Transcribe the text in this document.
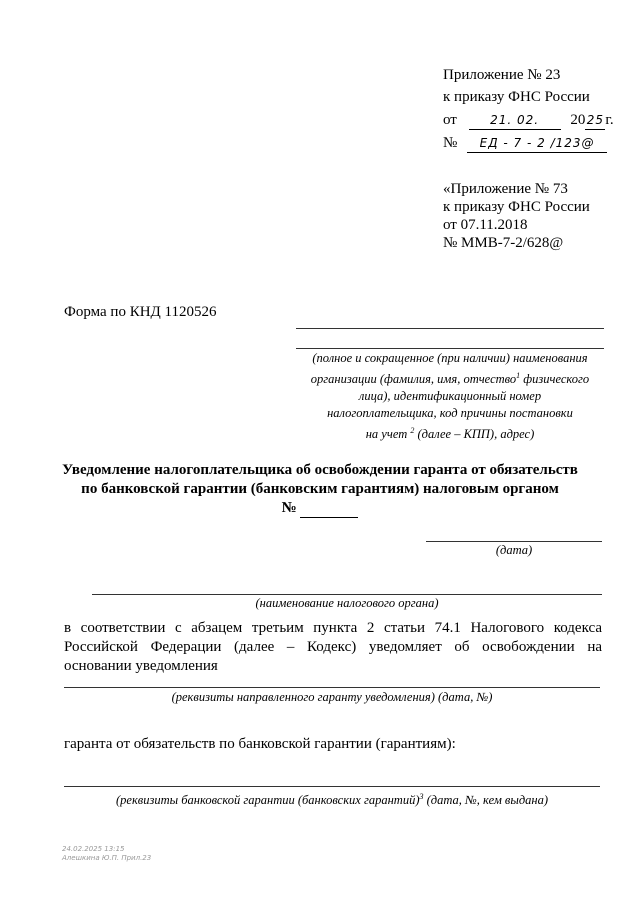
Приложение № 23
к приказу ФНС России
от	21. 02. 2025г.
№ ЕД - 7 - 2 /123@
«Приложение № 73
к приказу ФНС России
от 07.11.2018
№ ММВ-7-2/628@
Форма по КНД 1120526
(полное и сокращенное (при наличии) наименования
организации (фамилия, имя, отчество$^1$ физического
лица), идентификационный номер
налогоплательщика, код причины постановки
на учет $^2$ (далее – КПП), адрес)
Уведомление налогоплательщика об освобождении гаранта от обязательств
по банковской гарантии (банковским гарантиям) налоговым органом
№
(дата)
(наименование налогового органа)
в соответствии с абзацем третьим пункта 2 статьи 74.1 Налогового кодекса Российской Федерации (далее – Кодекс) уведомляет об освобождении на основании уведомления
(реквизиты направленного гаранту уведомления) (дата, №)
гаранта от обязательств по банковской гарантии (гарантиям):
(реквизиты банковской гарантии (банковских гарантий)$^3$ (дата, №, кем выдана)
24.02.2025 13:15
Алешкина Ю.П. Прил.23
